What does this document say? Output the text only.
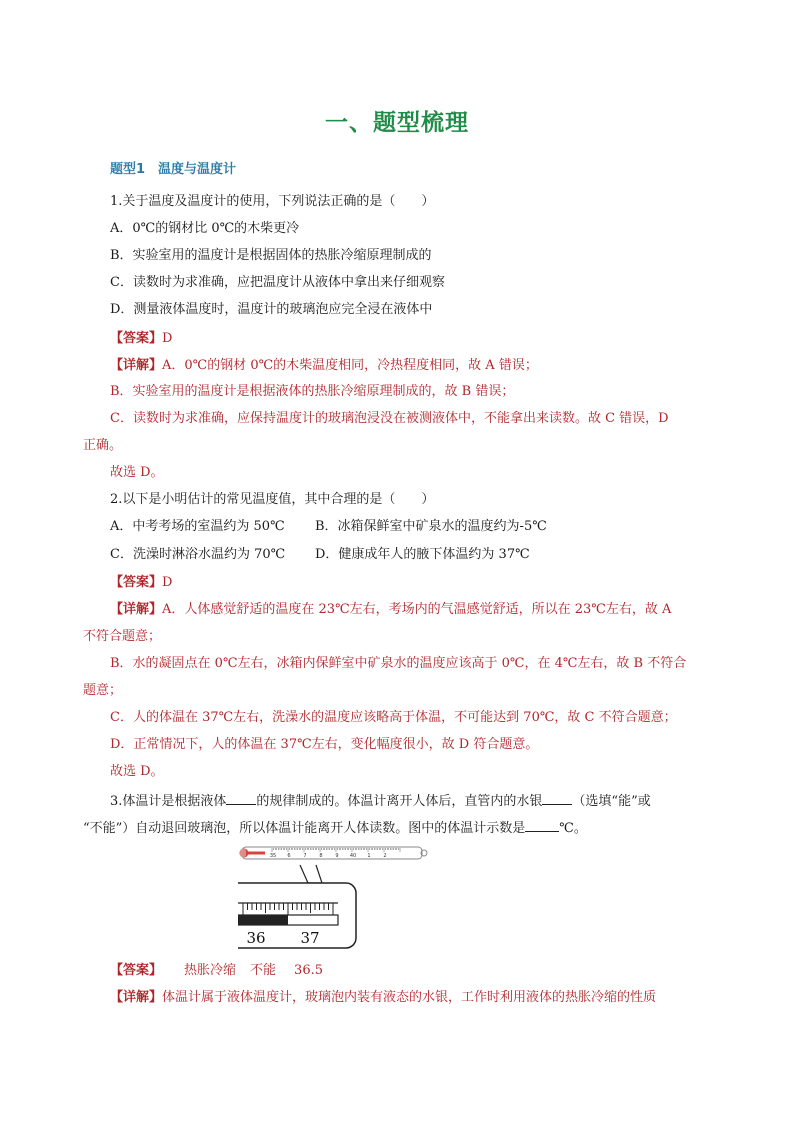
一、题型梳理
题型1　温度与温度计
1.关于温度及温度计的使用，下列说法正确的是（　　）
A．0℃的钢材比 0℃的木柴更冷
B．实验室用的温度计是根据固体的热胀冷缩原理制成的
C．读数时为求准确，应把温度计从液体中拿出来仔细观察
D．测量液体温度时，温度计的玻璃泡应完全浸在液体中
【答案】D
【详解】A．0℃的钢材 0℃的木柴温度相同，冷热程度相同，故 A 错误；
B．实验室用的温度计是根据液体的热胀冷缩原理制成的，故 B 错误；
C．读数时为求准确，应保持温度计的玻璃泡浸没在被测液体中，不能拿出来读数。故 C 错误，D
正确。
故选 D。
2.以下是小明估计的常见温度值，其中合理的是（　　）
A．中考考场的室温约为 50℃ B．冰箱保鲜室中矿泉水的温度约为-5℃
C．洗澡时淋浴水温约为 70℃ D．健康成年人的腋下体温约为 37℃
【答案】D
【详解】A．人体感觉舒适的温度在 23℃左右，考场内的气温感觉舒适，所以在 23℃左右，故 A
不符合题意；
B．水的凝固点在 0℃左右，冰箱内保鲜室中矿泉水的温度应该高于 0℃，在 4℃左右，故 B 不符合
题意；
C．人的体温在 37℃左右，洗澡水的温度应该略高于体温，不可能达到 70℃，故 C 不符合题意；
D．正常情况下，人的体温在 37℃左右，变化幅度很小，故 D 符合题意。
故选 D。
3.体温计是根据液体 的规律制成的。体温计离开人体后，直管内的水银 （选填“能”或
“不能”）自动退回玻璃泡，所以体温计能离开人体读数。图中的体温计示数是	℃。
35 6	7	8	9 40 1	2
36 37
【答案】 热胀冷缩 不能 36.5
【详解】体温计属于液体温度计，玻璃泡内装有液态的水银，工作时利用液体的热胀冷缩的性质
